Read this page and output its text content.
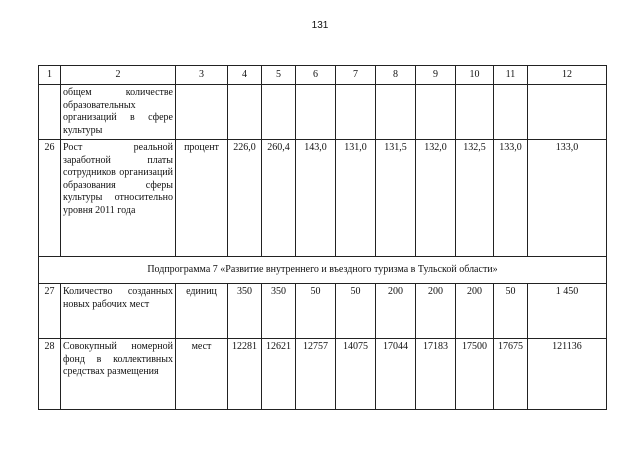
131
1	2	3	4	5	6	7	8	9	10	11	12
	общем количестве образовательных организаций в сфере культуры										
26	Рост реальной заработной платы сотрудников организаций образования сферы культуры относительно уровня 2011 года	процент	226,0	260,4	143,0	131,0	131,5	132,0	132,5	133,0	133,0
Подпрограмма 7 «Развитие внутреннего и въездного туризма в Тульской области»											
27	Количество созданных новых рабочих мест	единиц	350	350	50	50	200	200	200	50	1 450
28	Совокупный номерной фонд в коллективных средствах размещения	мест	12281	12621	12757	14075	17044	17183	17500	17675	121136
